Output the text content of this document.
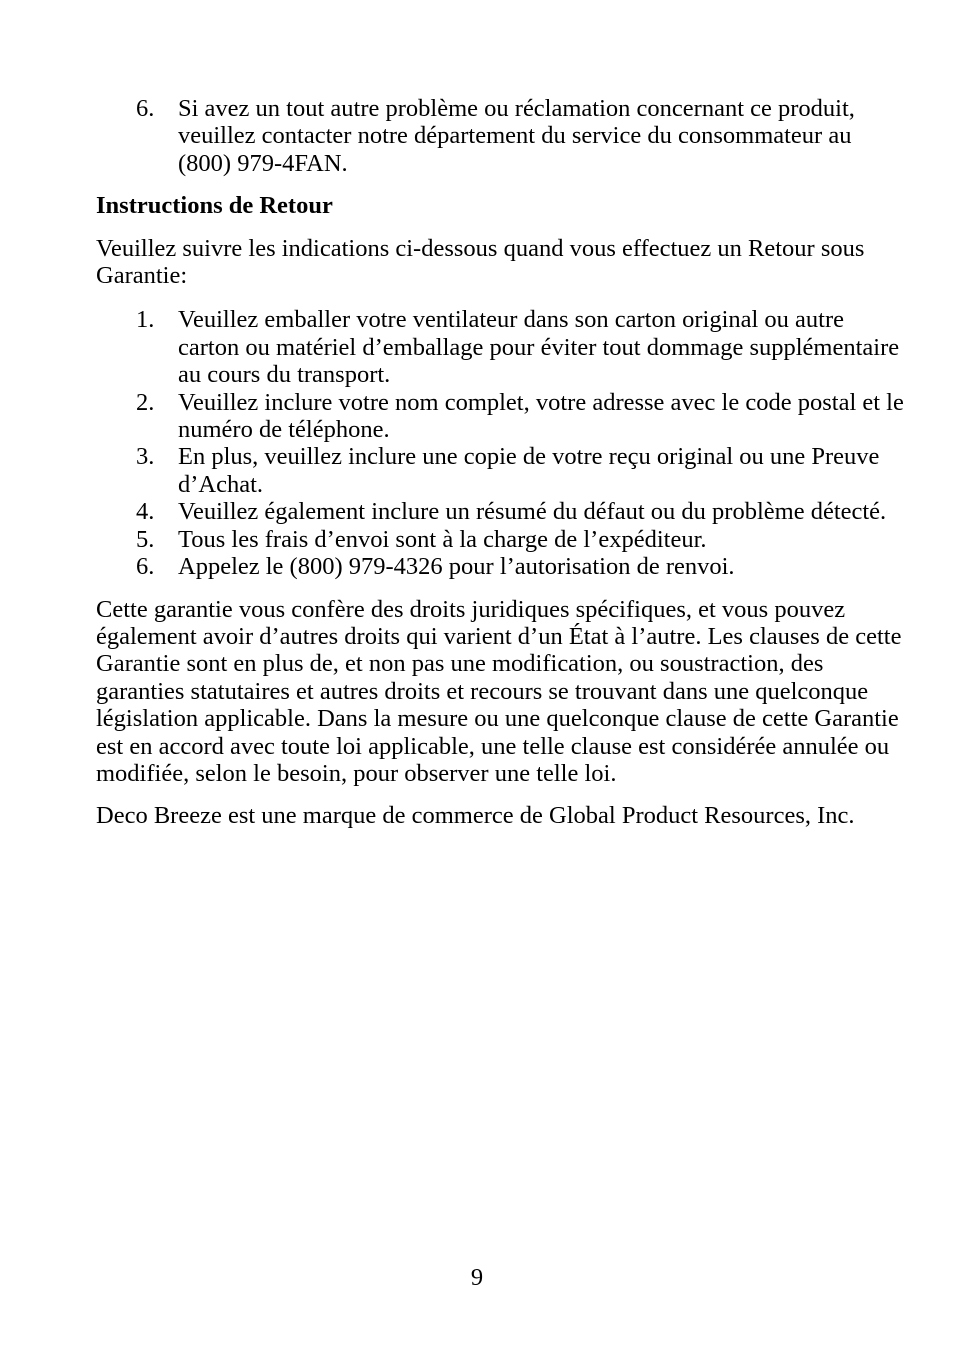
6. Si avez un tout autre problème ou réclamation concernant ce produit, veuillez contacter notre département du service du consommateur au (800) 979-4FAN.

Instructions de Retour

Veuillez suivre les indications ci-dessous quand vous effectuez un Retour sous Garantie:

1. Veuillez emballer votre ventilateur dans son carton original ou autre carton ou matériel d’emballage pour éviter tout dommage supplémentaire au cours du transport.
2. Veuillez inclure votre nom complet, votre adresse avec le code postal et le numéro de téléphone.
3. En plus, veuillez inclure une copie de votre reçu original ou une Preuve d’Achat.
4. Veuillez également inclure un résumé du défaut ou du problème détecté.
5. Tous les frais d’envoi sont à la charge de l’expéditeur.
6. Appelez le (800) 979-4326 pour l’autorisation de renvoi.

Cette garantie vous confère des droits juridiques spécifiques, et vous pouvez également avoir d’autres droits qui varient d’un État à l’autre. Les clauses de cette Garantie sont en plus de, et non pas une modification, ou soustraction, des garanties statutaires et autres droits et recours se trouvant dans une quelconque législation applicable. Dans la mesure ou une quelconque clause de cette Garantie est en accord avec toute loi applicable, une telle clause est considérée annulée ou modifiée, selon le besoin, pour observer une telle loi.

Deco Breeze est une marque de commerce de Global Product Resources, Inc.

9
